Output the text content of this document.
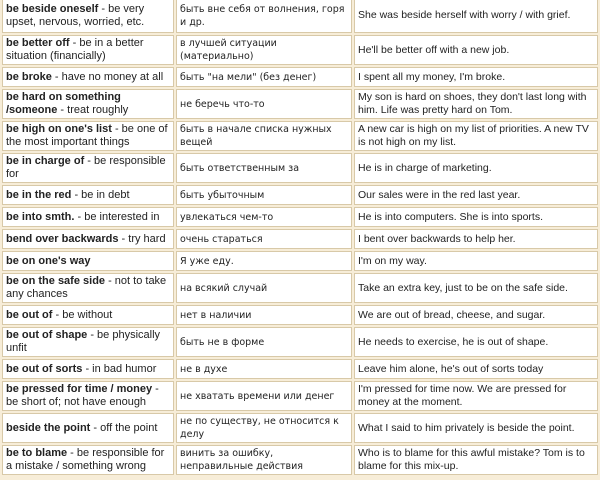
be beside oneself - be very upset, nervous, worried, etc.	быть вне себя от волнения, горя и др.	She was beside herself with worry / with grief.
be better off - be in a better situation (financially)	в лучшей ситуации (материально)	He'll be better off with a new job.
be broke - have no money at all	быть "на мели" (без денег)	I spent all my money, I'm broke.
be hard on something /someone - treat roughly	не беречь что-то	My son is hard on shoes, they don't last long with him. Life was pretty hard on Tom.
be high on one's list - be one of the most important things	быть в начале списка нужных вещей	A new car is high on my list of priorities. A new TV is not high on my list.
be in charge of - be responsible for	быть ответственным за	He is in charge of marketing.
be in the red - be in debt	быть убыточным	Our sales were in the red last year.
be into smth. - be interested in	увлекаться чем-то	He is into computers. She is into sports.
bend over backwards - try hard	очень стараться	I bent over backwards to help her.
be on one's way	Я уже еду.	I'm on my way.
be on the safe side - not to take any chances	на всякий случай	Take an extra key, just to be on the safe side.
be out of - be without	нет в наличии	We are out of bread, cheese, and sugar.
be out of shape - be physically unfit	быть не в форме	He needs to exercise, he is out of shape.
be out of sorts - in bad humor	не в духе	Leave him alone, he's out of sorts today
be pressed for time / money - be short of; not have enough	не хватать времени или денег	I'm pressed for time now. We are pressed for money at the moment.
beside the point - off the point	не по существу, не относится к делу	What I said to him privately is beside the point.
be to blame - be responsible for a mistake / something wrong	винить за ошибку, неправильные действия	Who is to blame for this awful mistake? Tom is to blame for this mix-up.
